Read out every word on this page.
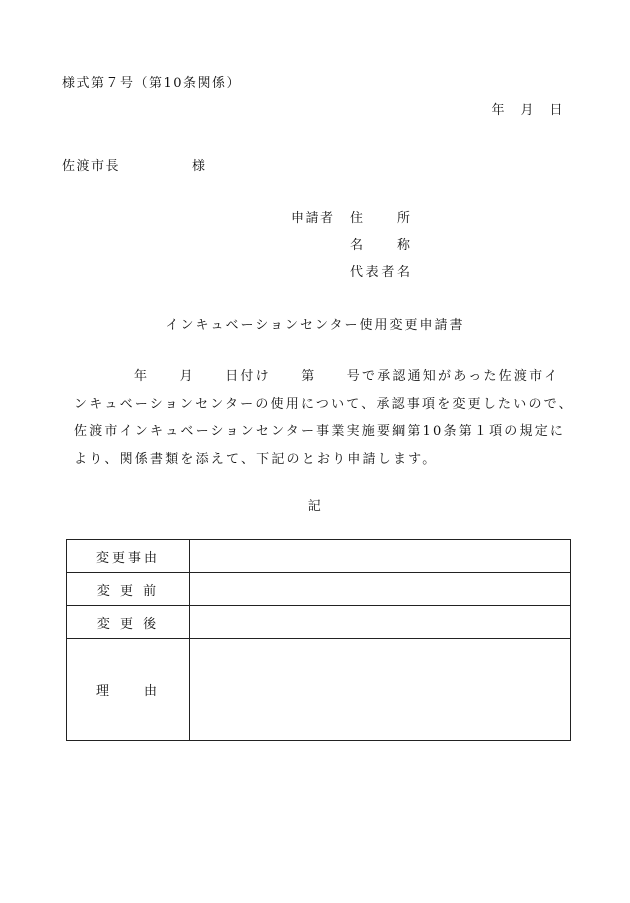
様式第７号（第10条関係）
年　月　日
佐渡市長	様
申請者 住所
名称
代表者名
インキュベーションセンター使用変更申請書
年　　月　　日付け　　第　　号で承認通知があった佐渡市インキュベーションセンターの使用について、承認事項を変更したいので、佐渡市インキュベーションセンター事業実施要綱第10条第１項の規定により、関係書類を添えて、下記のとおり申請します。
記
変更事由	
変 更 前	
変 更 後	
理　　由	
